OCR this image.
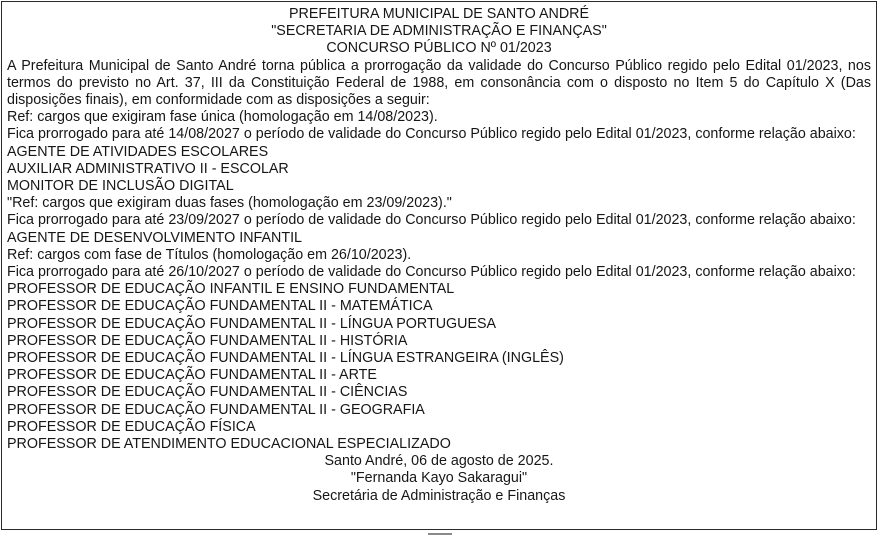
PREFEITURA MUNICIPAL DE SANTO ANDRÉ
"SECRETARIA DE ADMINISTRAÇÃO E FINANÇAS"
CONCURSO PÚBLICO Nº 01/2023
A Prefeitura Municipal de Santo André torna pública a prorrogação da validade do Concurso Público regido pelo Edital 01/2023, nos termos do previsto no Art. 37, III da Constituição Federal de 1988, em consonância com o disposto no Item 5 do Capítulo X (Das disposições finais), em conformidade com as disposições a seguir:
Ref: cargos que exigiram fase única (homologação em 14/08/2023).
Fica prorrogado para até 14/08/2027 o período de validade do Concurso Público regido pelo Edital 01/2023, conforme relação abaixo:
AGENTE DE ATIVIDADES ESCOLARES
AUXILIAR ADMINISTRATIVO II - ESCOLAR
MONITOR DE INCLUSÃO DIGITAL
"Ref: cargos que exigiram duas fases (homologação em 23/09/2023)."
Fica prorrogado para até 23/09/2027 o período de validade do Concurso Público regido pelo Edital 01/2023, conforme relação abaixo:
AGENTE DE DESENVOLVIMENTO INFANTIL
Ref: cargos com fase de Títulos (homologação em 26/10/2023).
Fica prorrogado para até 26/10/2027 o período de validade do Concurso Público regido pelo Edital 01/2023, conforme relação abaixo:
PROFESSOR DE EDUCAÇÃO INFANTIL E ENSINO FUNDAMENTAL
PROFESSOR DE EDUCAÇÃO FUNDAMENTAL II - MATEMÁTICA
PROFESSOR DE EDUCAÇÃO FUNDAMENTAL II - LÍNGUA PORTUGUESA
PROFESSOR DE EDUCAÇÃO FUNDAMENTAL II - HISTÓRIA
PROFESSOR DE EDUCAÇÃO FUNDAMENTAL II - LÍNGUA ESTRANGEIRA (INGLÊS)
PROFESSOR DE EDUCAÇÃO FUNDAMENTAL II - ARTE
PROFESSOR DE EDUCAÇÃO FUNDAMENTAL II - CIÊNCIAS
PROFESSOR DE EDUCAÇÃO FUNDAMENTAL II - GEOGRAFIA
PROFESSOR DE EDUCAÇÃO FÍSICA
PROFESSOR DE ATENDIMENTO EDUCACIONAL ESPECIALIZADO
Santo André, 06 de agosto de 2025.
"Fernanda Kayo Sakaragui"
Secretária de Administração e Finanças
